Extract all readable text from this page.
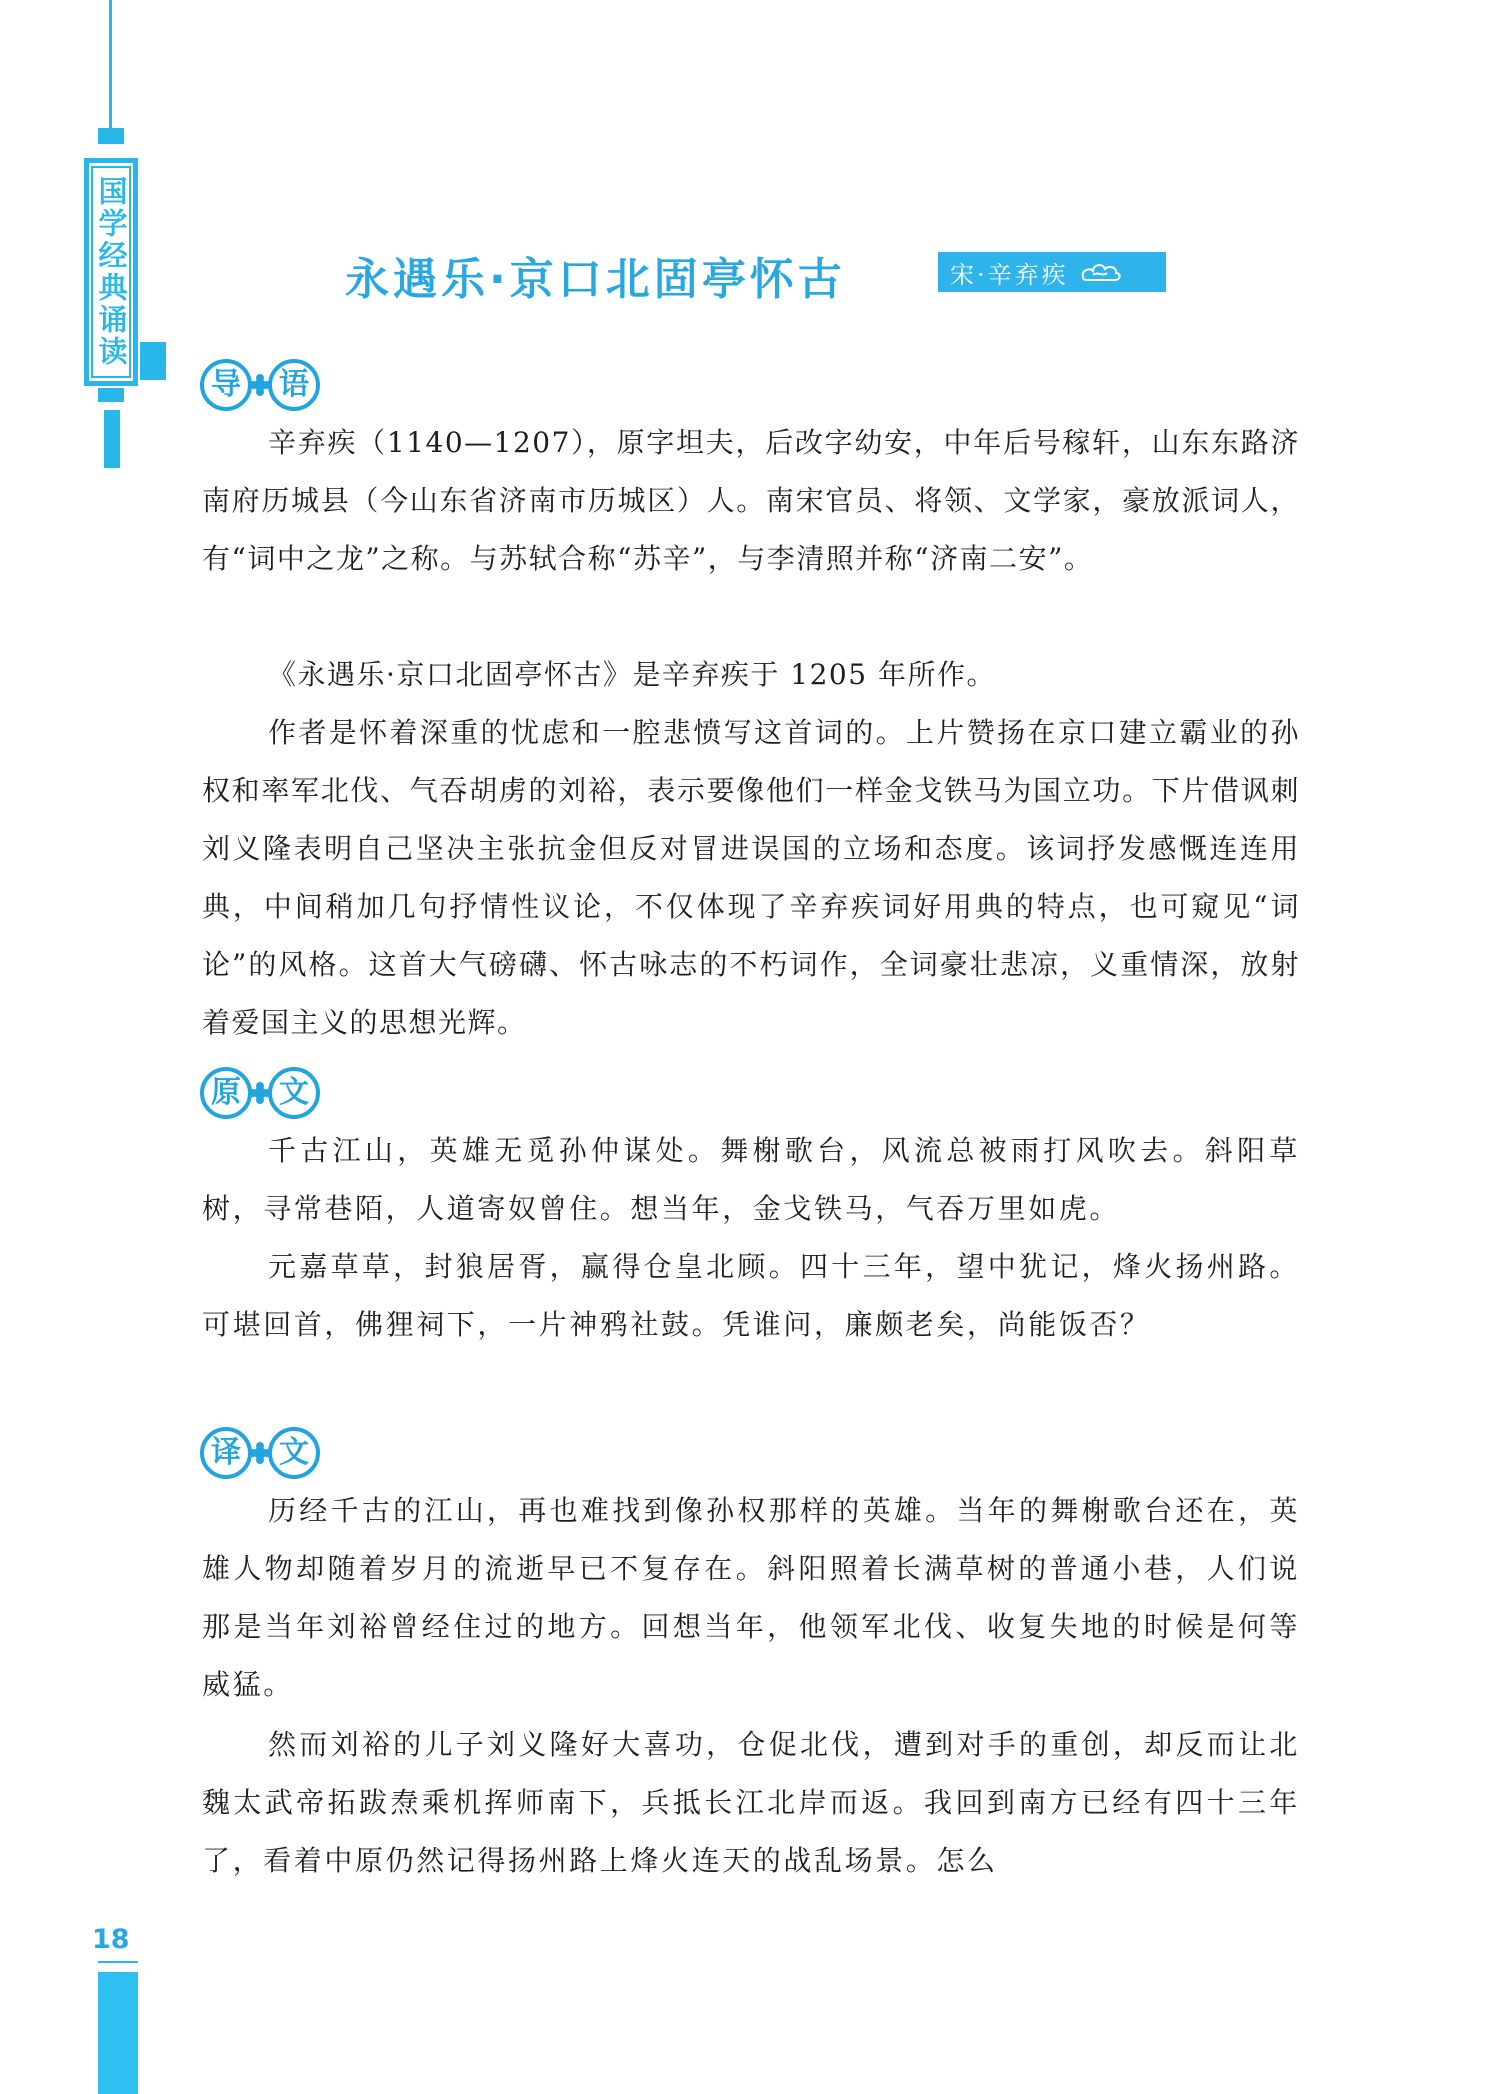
国学经典诵读	永遇乐·京口北固亭怀古	宋·辛弃疾
导 语

辛弃疾（1140—1207），原字坦夫，后改字幼安，中年后号稼轩，山东东路济南府历城县（今山东省济南市历城区）人。南宋官员、将领、文学家，豪放派词人，有“词中之龙”之称。与苏轼合称“苏辛”，与李清照并称“济南二安”。

《永遇乐·京口北固亭怀古》是辛弃疾于 1205 年所作。

作者是怀着深重的忧虑和一腔悲愤写这首词的。上片赞扬在京口建立霸业的孙权和率军北伐、气吞胡虏的刘裕，表示要像他们一样金戈铁马为国立功。下片借讽刺刘义隆表明自己坚决主张抗金但反对冒进误国的立场和态度。该词抒发感慨连连用典，中间稍加几句抒情性议论，不仅体现了辛弃疾词好用典的特点，也可窥见“词论”的风格。这首大气磅礴、怀古咏志的不朽词作，全词豪壮悲凉，义重情深，放射着爱国主义的思想光辉。

原 文

千古江山，英雄无觅孙仲谋处。舞榭歌台，风流总被雨打风吹去。斜阳草树，寻常巷陌，人道寄奴曾住。想当年，金戈铁马，气吞万里如虎。

元嘉草草，封狼居胥，赢得仓皇北顾。四十三年，望中犹记，烽火扬州路。可堪回首，佛狸祠下，一片神鸦社鼓。凭谁问，廉颇老矣，尚能饭否？

译 文

历经千古的江山，再也难找到像孙权那样的英雄。当年的舞榭歌台还在，英雄人物却随着岁月的流逝早已不复存在。斜阳照着长满草树的普通小巷，人们说那是当年刘裕曾经住过的地方。回想当年，他领军北伐、收复失地的时候是何等威猛。

然而刘裕的儿子刘义隆好大喜功，仓促北伐，遭到对手的重创，却反而让北魏太武帝拓跋焘乘机挥师南下，兵抵长江北岸而返。我回到南方已经有四十三年了，看着中原仍然记得扬州路上烽火连天的战乱场景。怎么

18
